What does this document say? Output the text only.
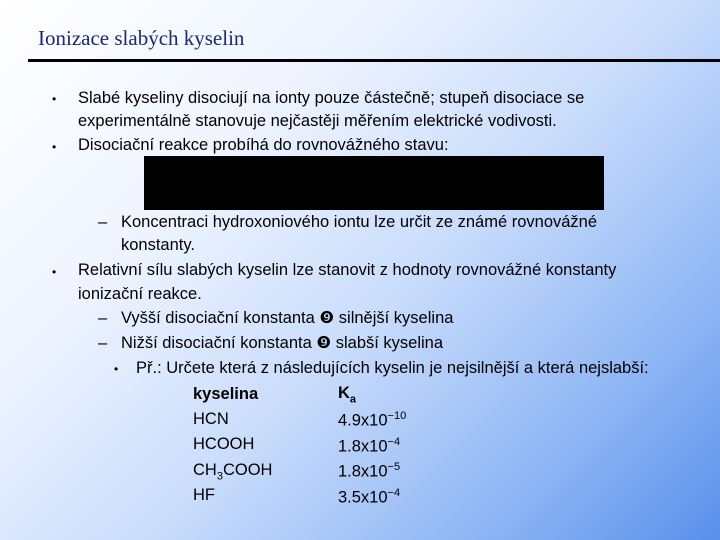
Ionizace slabých kyselin
• Slabé kyseliny disociují na ionty pouze částečně; stupeň disociace se
experimentálně stanovuje nejčastěji měřením elektrické vodivosti.
• Disociační reakce probíhá do rovnovážného stavu:
– Koncentraci hydroxoniového iontu lze určit ze známé rovnovážné
konstanty.
• Relativní sílu slabých kyselin lze stanovit z hodnoty rovnovážné konstanty
ionizační reakce.
– Vyšší disociační konstanta ❾ silnější kyselina
– Nižší disociační konstanta ❾ slabší kyselina
• Př.: Určete která z následujících kyselin je nejsilnější a která nejslabší:
kyselina	$K_a$
HCN	$4.9x10^{-10}$
HCOOH	$1.8x10^{-4}$
$CH_3COOH$	$1.8x10^{-5}$
HF	$3.5x10^{-4}$
